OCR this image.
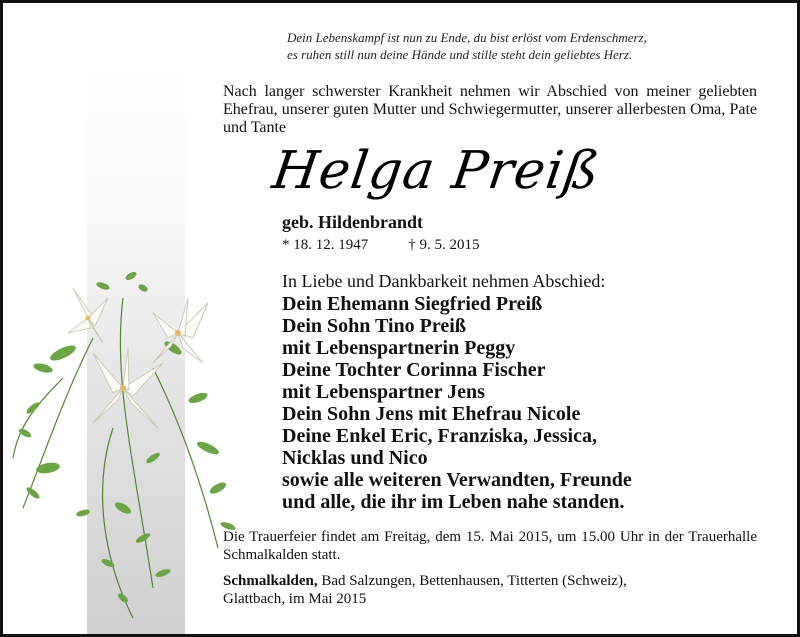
Dein Lebenskampf ist nun zu Ende, du bist erlöst vom Erdenschmerz,
es ruhen still nun deine Hände und stille steht dein geliebtes Herz.
Nach langer schwerster Krankheit nehmen wir Abschied von meiner geliebten Ehefrau, unserer guten Mutter und Schwiegermutter, unserer allerbesten Oma, Pate und Tante
Helga Preiß
geb. Hildenbrandt
* 18. 12. 1947	† 9. 5. 2015
In Liebe und Dankbarkeit nehmen Abschied:
Dein Ehemann Siegfried Preiß
Dein Sohn Tino Preiß
mit Lebenspartnerin Peggy
Deine Tochter Corinna Fischer
mit Lebenspartner Jens
Dein Sohn Jens mit Ehefrau Nicole
Deine Enkel Eric, Franziska, Jessica,
Nicklas und Nico
sowie alle weiteren Verwandten, Freunde
und alle, die ihr im Leben nahe standen.
Die Trauerfeier findet am Freitag, dem 15. Mai 2015, um 15.00 Uhr in der Trauerhalle Schmalkalden statt.
Schmalkalden, Bad Salzungen, Bettenhausen, Titterten (Schweiz),
Glattbach, im Mai 2015
